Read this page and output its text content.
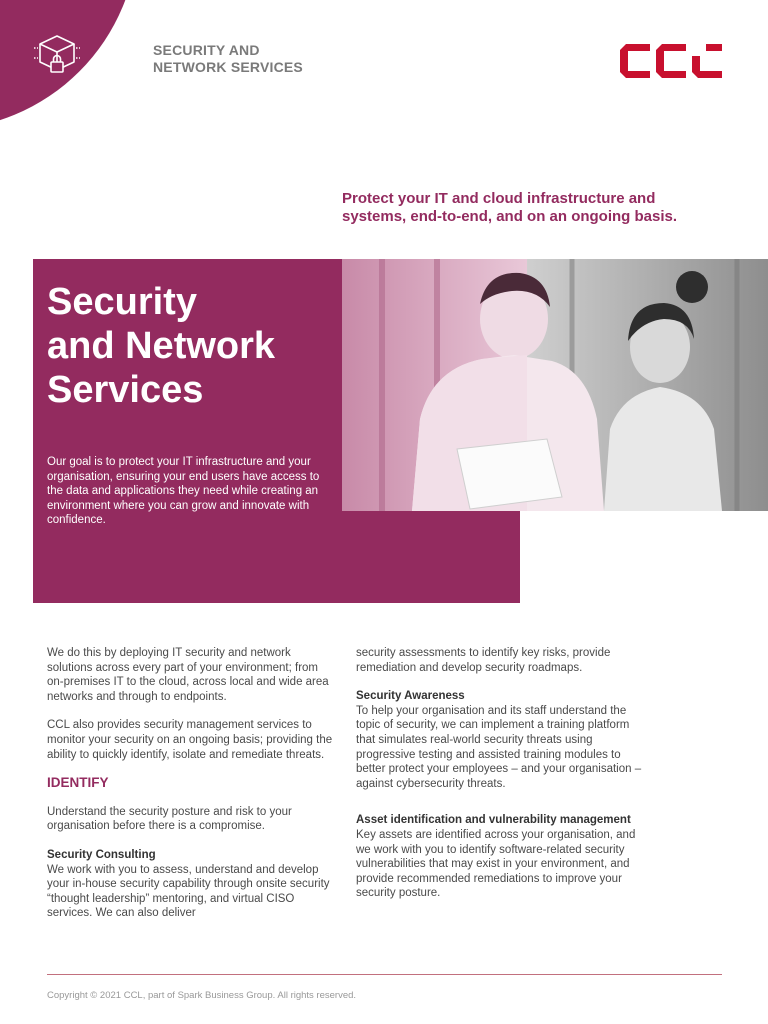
SECURITY AND
NETWORK SERVICES
Protect your IT and cloud infrastructure and systems, end-to-end, and on an ongoing basis.
Security
and Network
Services
Our goal is to protect your IT infrastructure and your organisation, ensuring your end users have access to the data and applications they need while creating an environment where you can grow and innovate with confidence.

We do this by deploying IT security and network solutions across every part of your environment; from on-premises IT to the cloud, across local and wide area networks and through to endpoints.

CCL also provides security management services to monitor your security on an ongoing basis; providing the ability to quickly identify, isolate and remediate threats.

IDENTIFY

Understand the security posture and risk to your organisation before there is a compromise.

Security Consulting
We work with you to assess, understand and develop your in-house security capability through onsite security “thought leadership” mentoring, and virtual CISO services. We can also deliver

security assessments to identify key risks, provide remediation and develop security roadmaps.

Security Awareness
To help your organisation and its staff understand the topic of security, we can implement a training platform that simulates real-world security threats using progressive testing and assisted training modules to better protect your employees – and your organisation – against cybersecurity threats.

Asset identification and vulnerability management
Key assets are identified across your organisation, and we work with you to identify software-related security vulnerabilities that may exist in your environment, and provide recommended remediations to improve your security posture.

Copyright © 2021 CCL, part of Spark Business Group. All rights reserved.
